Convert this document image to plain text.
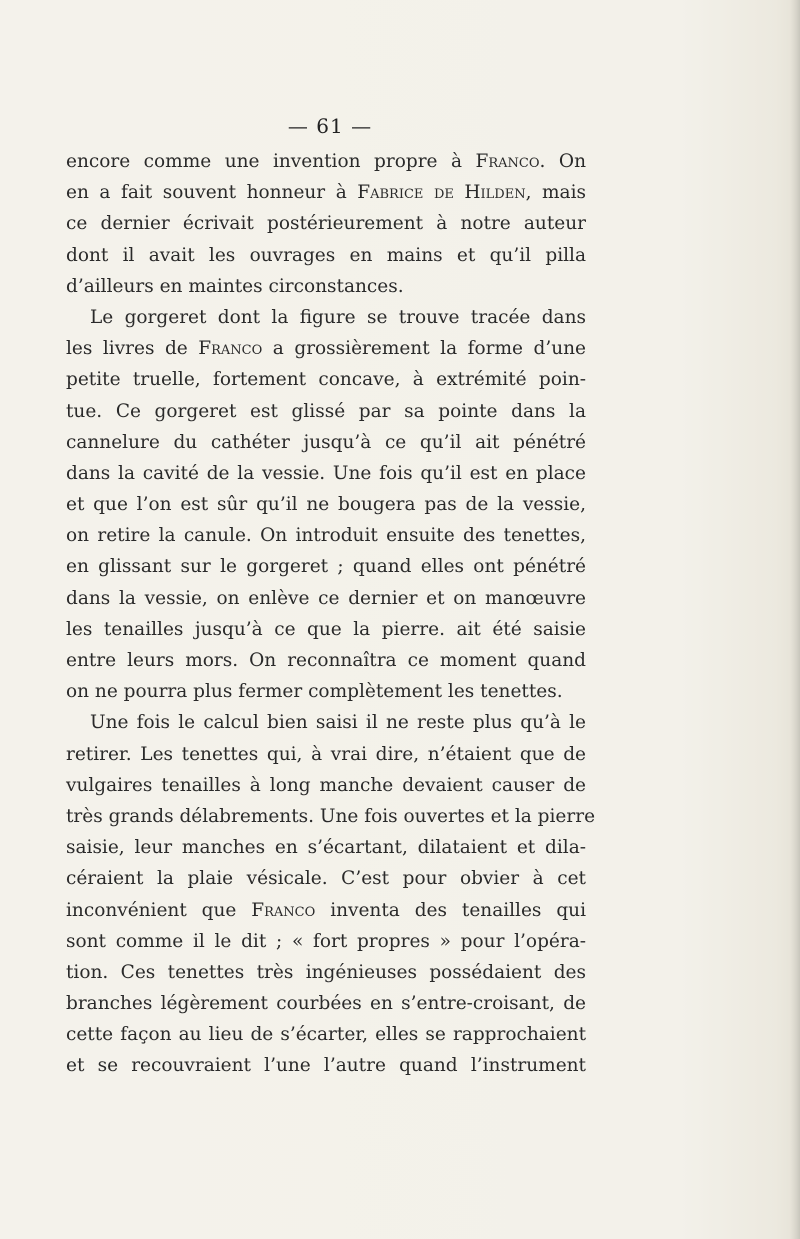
— 61 —
encore comme une invention propre à Franco. On
en a fait souvent honneur à Fabrice de Hilden, mais
ce dernier écrivait postérieurement à notre auteur
dont il avait les ouvrages en mains et qu’il pilla
d’ailleurs en maintes circonstances.
Le gorgeret dont la figure se trouve tracée dans
les livres de Franco a grossièrement la forme d’une
petite truelle, fortement concave, à extrémité poin-
tue. Ce gorgeret est glissé par sa pointe dans la
cannelure du cathéter jusqu’à ce qu’il ait pénétré
dans la cavité de la vessie. Une fois qu’il est en place
et que l’on est sûr qu’il ne bougera pas de la vessie,
on retire la canule. On introduit ensuite des tenettes,
en glissant sur le gorgeret ; quand elles ont pénétré
dans la vessie, on enlève ce dernier et on manœuvre
les tenailles jusqu’à ce que la pierre. ait été saisie
entre leurs mors. On reconnaîtra ce moment quand
on ne pourra plus fermer complètement les tenettes.
Une fois le calcul bien saisi il ne reste plus qu’à le
retirer. Les tenettes qui, à vrai dire, n’étaient que de
vulgaires tenailles à long manche devaient causer de
très grands délabrements. Une fois ouvertes et la pierre
saisie, leur manches en s’écartant, dilataient et dila-
céraient la plaie vésicale. C’est pour obvier à cet
inconvénient que Franco inventa des tenailles qui
sont comme il le dit ; « fort propres » pour l’opéra-
tion. Ces tenettes très ingénieuses possédaient des
branches légèrement courbées en s’entre-croisant, de
cette façon au lieu de s’écarter, elles se rapprochaient
et se recouvraient l’une l’autre quand l’instrument
